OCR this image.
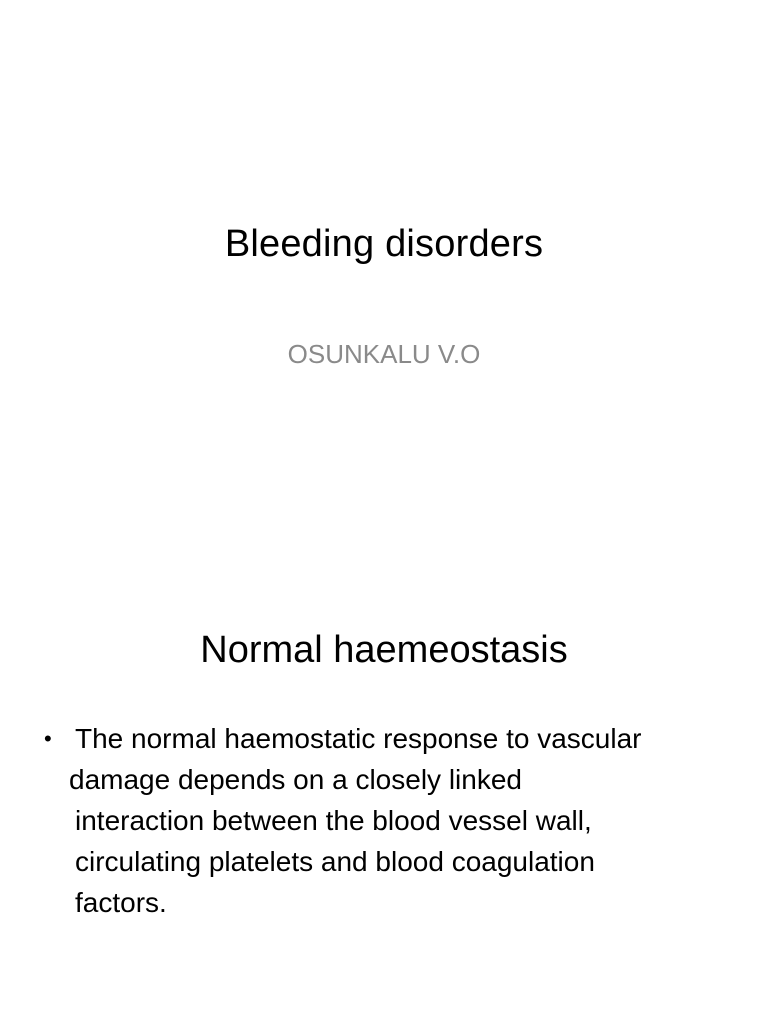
Bleeding disorders
OSUNKALU V.O
Normal haemeostasis
• The normal haemostatic response to vascular
damage depends on a closely linked
interaction between the blood vessel wall,
circulating platelets and blood coagulation
factors.
